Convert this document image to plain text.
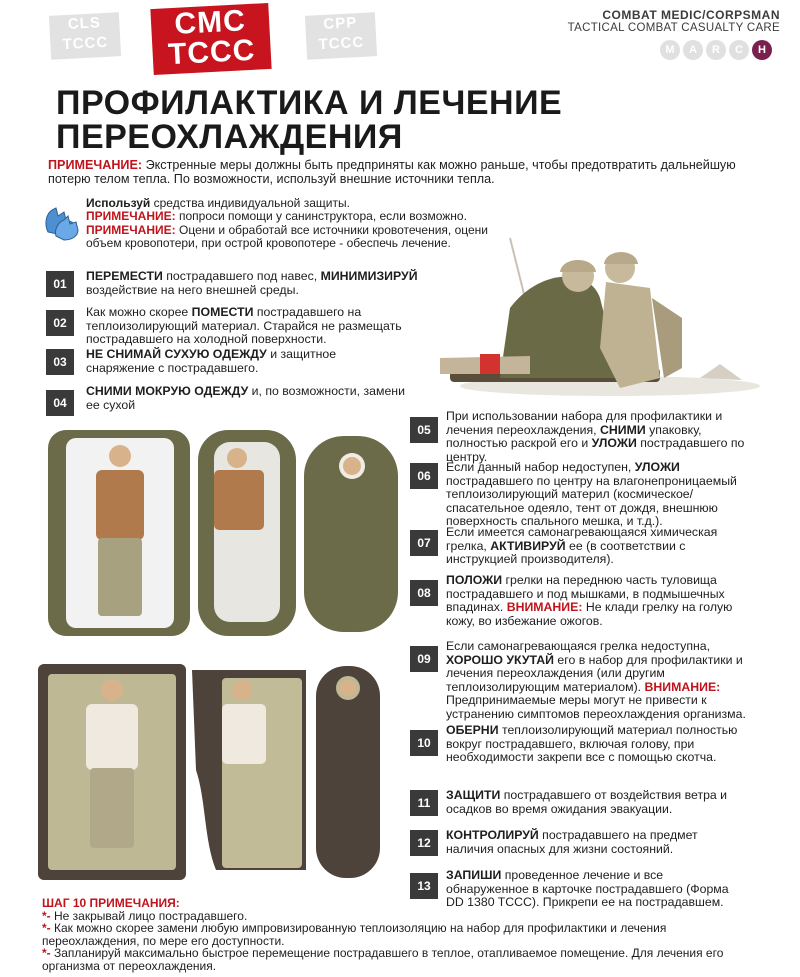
CLS
TCCC
CMC
TCCC
CPP
TCCC
COMBAT MEDIC/CORPSMAN
TACTICAL COMBAT CASUALTY CARE
M	A	R	C	H
ПРОФИЛАКТИКА И ЛЕЧЕНИЕ ПЕРЕОХЛАЖДЕНИЯ
ПРИМЕЧАНИЕ: Экстренные меры должны быть предприняты как можно раньше, чтобы предотвратить дальнейшую потерю телом тепла. По возможности, используй внешние источники тепла.
Используй средства индивидуальной защиты.
ПРИМЕЧАНИЕ: попроси помощи у санинструктора, если возможно.
ПРИМЕЧАНИЕ: Оцени и обработай все источники кровотечения, оцени объем кровопотери, при острой кровопотере - обеспечь лечение.
01
ПЕРЕМЕСТИ пострадавшего под навес, МИНИМИЗИРУЙ воздействие на него внешней среды.
02
Как можно скорее ПОМЕСТИ пострадавшего на теплоизолирующий материал. Старайся не размещать пострадавшего на холодной поверхности.
03
НЕ СНИМАЙ СУХУЮ ОДЕЖДУ и защитное снаряжение с пострадавшего.
04
СНИМИ МОКРУЮ ОДЕЖДУ и, по возможности, замени ее сухой
05
При использовании набора для профилактики и лечения переохлаждения, СНИМИ упаковку, полностью раскрой его и УЛОЖИ пострадавшего по центру.
06
Если данный набор недоступен, УЛОЖИ пострадавшего по центру на влагонепроницаемый теплоизолирующий материл (космическое/спасательное одеяло, тент от дождя, внешнюю поверхность спального мешка, и т.д.).
07
Если имеется самонагревающаяся химическая грелка, АКТИВИРУЙ ее (в соответствии с инструкцией производителя).
08
ПОЛОЖИ грелки на переднюю часть туловища пострадавшего и под мышками, в подмышечных впадинах. ВНИМАНИЕ: Не клади грелку на голую кожу, во избежание ожогов.
09
Если самонагревающаяся грелка недоступна, ХОРОШО УКУТАЙ его в набор для профилактики и лечения переохлаждения (или другим теплоизолирующим материалом). ВНИМАНИЕ: Предпринимаемые меры могут не привести к устранению симптомов переохлаждения организма.
10
ОБЕРНИ теплоизолирующий материал полностью вокруг пострадавшего, включая голову, при необходимости закрепи все с помощью скотча.
11
ЗАЩИТИ пострадавшего от воздействия ветра и осадков во время ожидания эвакуации.
12
КОНТРОЛИРУЙ пострадавшего на предмет наличия опасных для жизни состояний.
13
ЗАПИШИ проведенное лечение и все обнаруженное в карточке пострадавшего (Форма DD 1380 TCCC). Прикрепи ее на пострадавшем.
ШАГ 10 ПРИМЕЧАНИЯ:
*- Не закрывай лицо пострадавшего.
*- Как можно скорее замени любую импровизированную теплоизоляцию на набор для профилактики и лечения переохлаждения, по мере его доступности.
*- Запланируй максимально быстрое перемещение пострадавшего в теплое, отапливаемое помещение. Для лечения его организма от переохлаждения.
